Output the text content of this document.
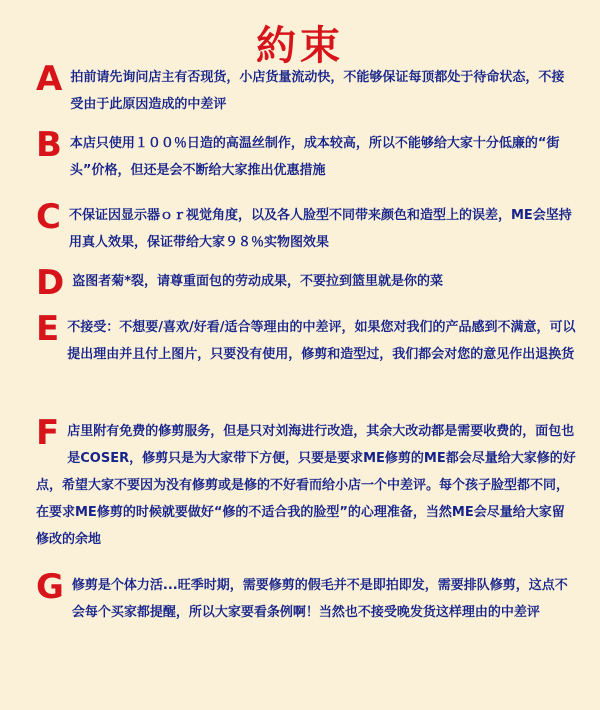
約束
A 拍前请先询问店主有否现货，小店货量流动快，不能够保证每顶都处于待命状态，不接受由于此原因造成的中差评
B 本店只使用１００％日造的高温丝制作，成本较高，所以不能够给大家十分低廉的“街头”价格，但还是会不断给大家推出优惠措施
C 不保证因显示器ｏｒ视觉角度，以及各人脸型不同带来颜色和造型上的误差，ME会坚持用真人效果，保证带给大家９８％实物图效果
D 盗图者菊*裂，请尊重面包的劳动成果，不要拉到篮里就是你的菜
E 不接受：不想要/喜欢/好看/适合等理由的中差评，如果您对我们的产品感到不满意，可以提出理由并且付上图片，只要没有使用，修剪和造型过，我们都会对您的意见作出退换货
F 店里附有免费的修剪服务，但是只对刘海进行改造，其余大改动都是需要收费的，面包也是COSER，修剪只是为大家带下方便，只要是要求ME修剪的ME都会尽量给大家修的好点，希望大家不要因为没有修剪或是修的不好看而给小店一个中差评。每个孩子脸型都不同，在要求ME修剪的时候就要做好“修的不适合我的脸型”的心理准备，当然ME会尽量给大家留修改的余地
G 修剪是个体力活...旺季时期，需要修剪的假毛并不是即拍即发，需要排队修剪，这点不会每个买家都提醒，所以大家要看条例啊！当然也不接受晚发货这样理由的中差评
